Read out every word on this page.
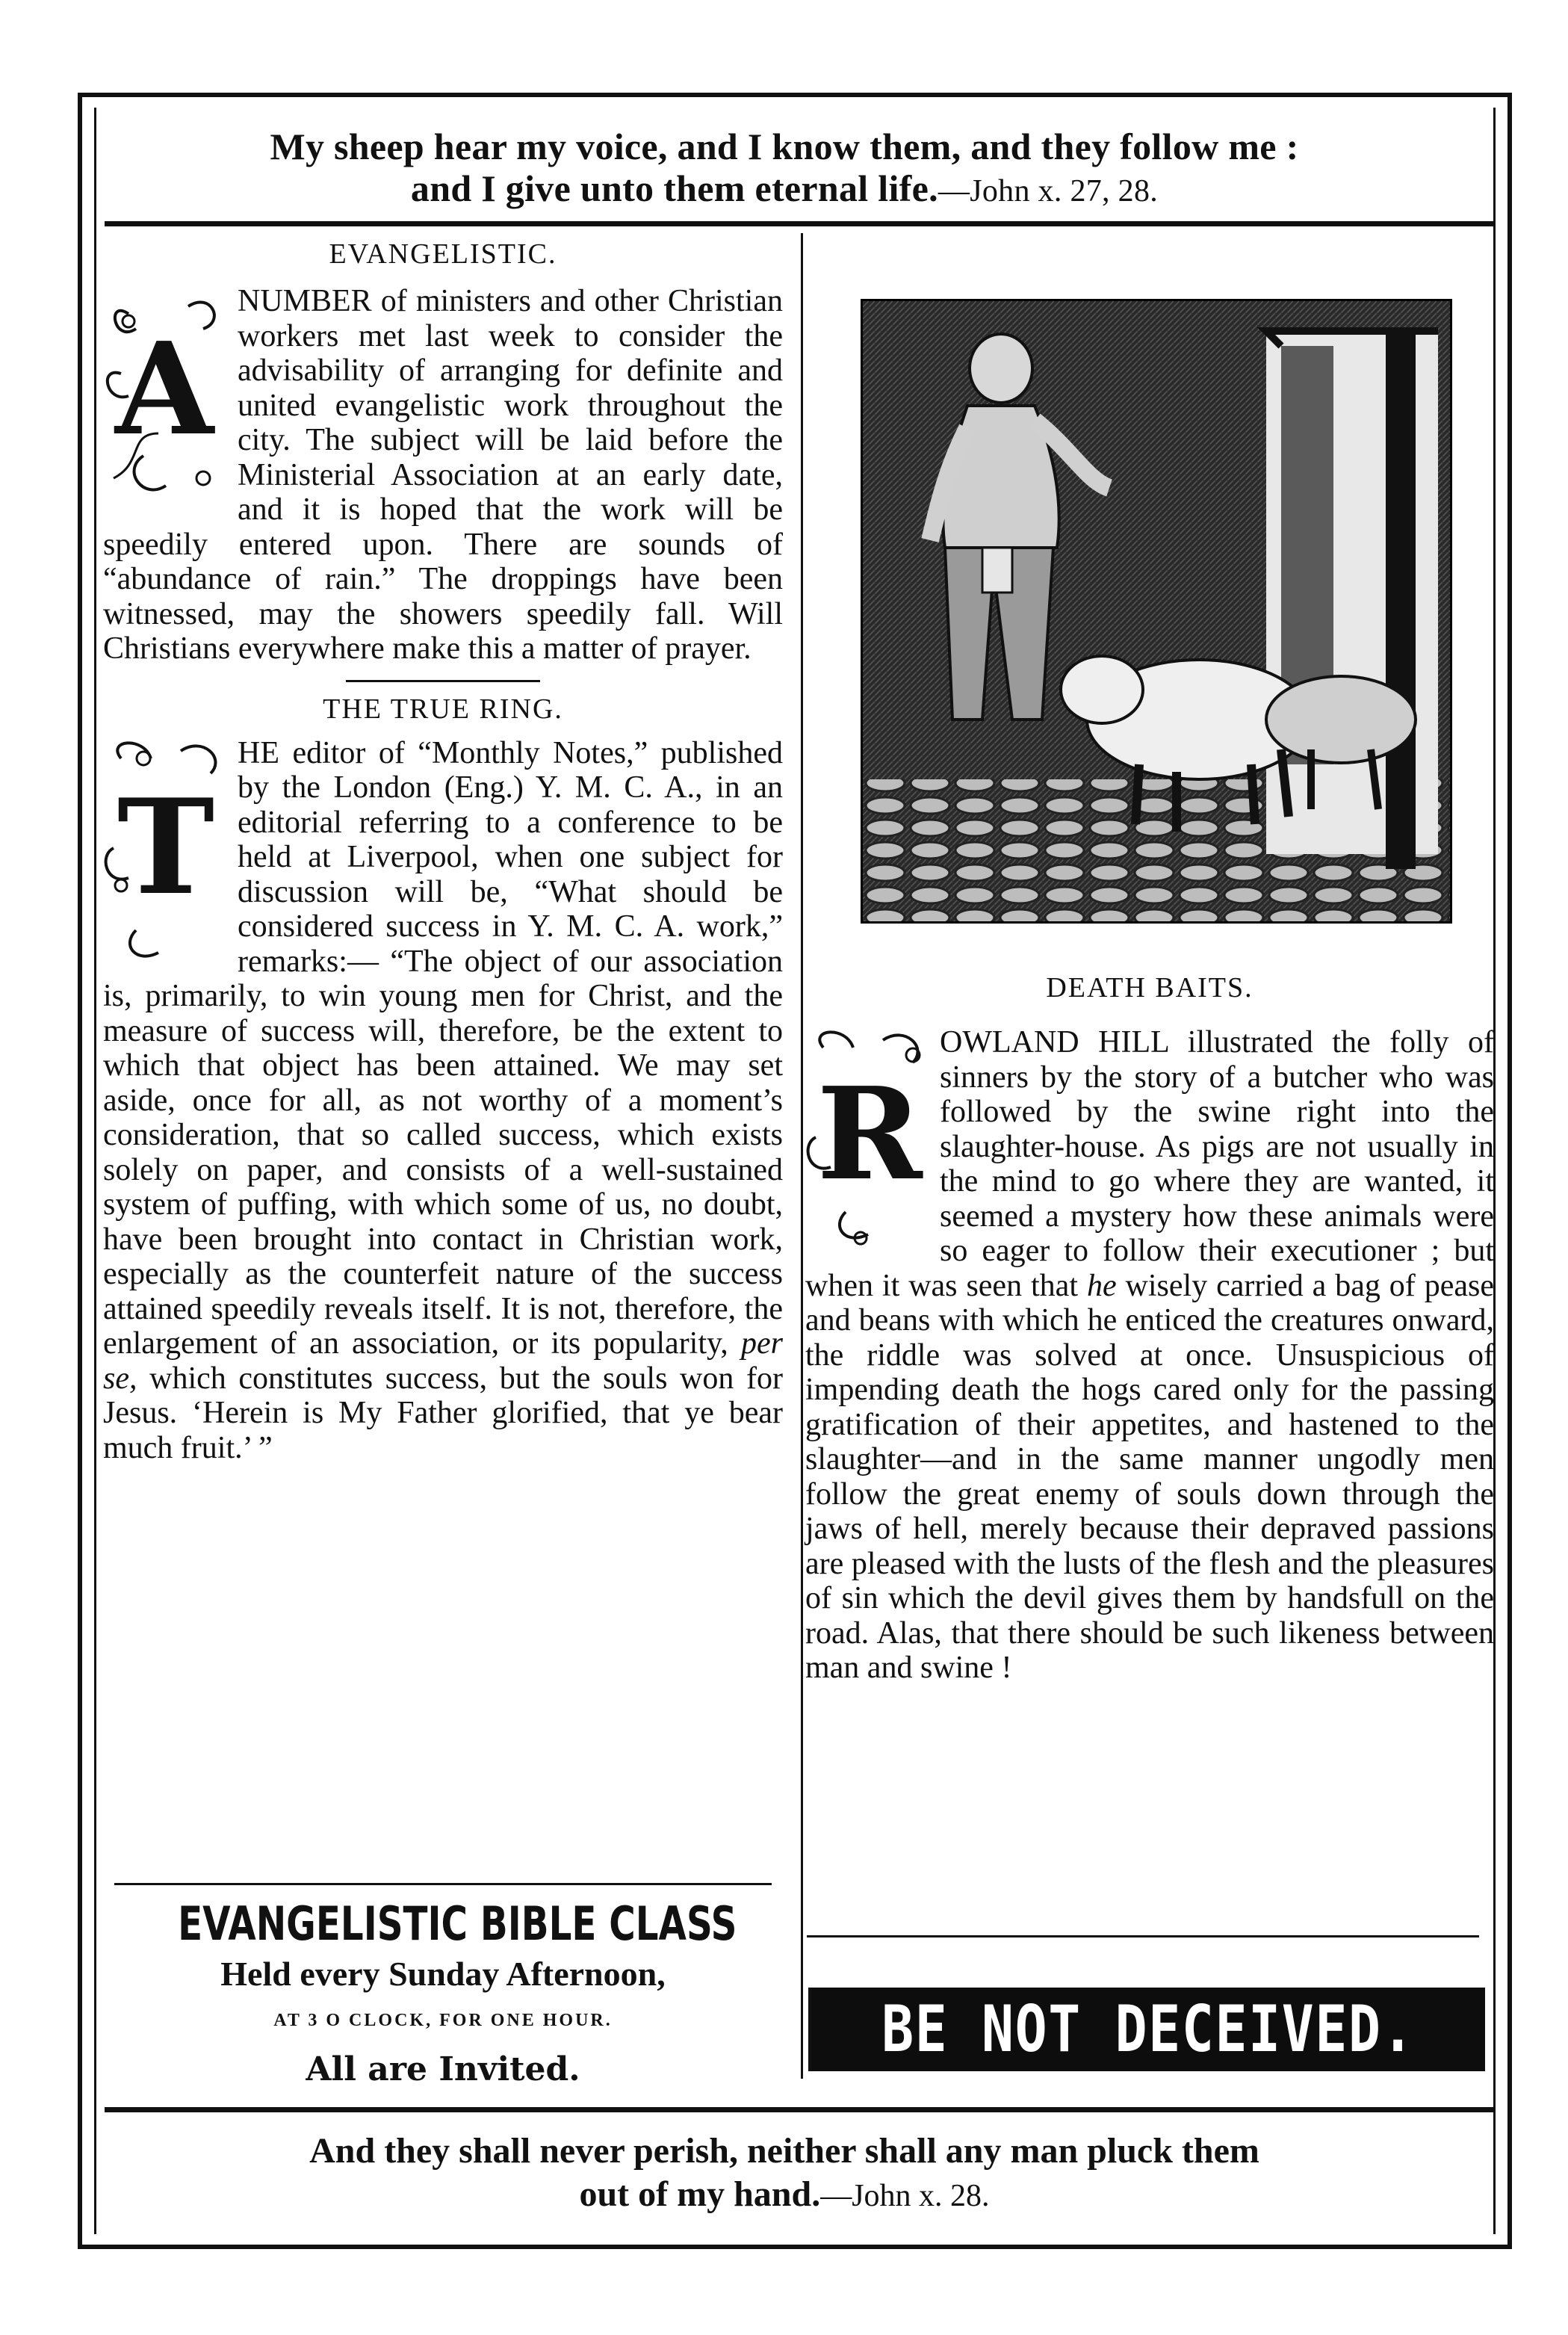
My sheep hear my voice, and I know them, and they follow me :
and I give unto them eternal life.—John x. 27, 28.
EVANGELISTIC.
A

NUMBER of ministers and other Christian workers met last week to consider the advisability of arranging for definite and united evangelistic work throughout the city. The subject will be laid before the Ministerial Association at an early date, and it is hoped that the work will be speedily entered upon. There are sounds of “abundance of rain.” The droppings have been witnessed, may the showers speedily fall. Will Christians everywhere make this a matter of prayer.

THE TRUE RING.
T

HE editor of “Monthly Notes,” published by the London (Eng.) Y. M. C. A., in an editorial referring to a conference to be held at Liverpool, when one subject for discussion will be, “What should be considered success in Y. M. C. A. work,” remarks:— “The object of our association is, primarily, to win young men for Christ, and the measure of success will, therefore, be the extent to which that object has been attained. We may set aside, once for all, as not worthy of a moment’s consideration, that so called success, which exists solely on paper, and consists of a well-sustained system of puffing, with which some of us, no doubt, have been brought into contact in Christian work, especially as the counterfeit nature of the success attained speedily reveals itself. It is not, therefore, the enlargement of an association, or its popularity, per se, which constitutes success, but the souls won for Jesus. ‘Herein is My Father glorified, that ye bear much fruit.’ ”

EVANGELISTIC BIBLE CLASS

Held every Sunday Afternoon,

AT 3 O CLOCK, FOR ONE HOUR.

All are Invited.

DEATH BAITS.
R

OWLAND HILL illustrated the folly of sinners by the story of a butcher who was followed by the swine right into the slaughter-house. As pigs are not usually in the mind to go where they are wanted, it seemed a mystery how these animals were so eager to follow their executioner ; but when it was seen that he wisely carried a bag of pease and beans with which he enticed the creatures onward, the riddle was solved at once. Unsuspicious of impending death the hogs cared only for the passing gratification of their appetites, and hastened to the slaughter—and in the same manner ungodly men follow the great enemy of souls down through the jaws of hell, merely because their depraved passions are pleased with the lusts of the flesh and the pleasures of sin which the devil gives them by handsfull on the road. Alas, that there should be such likeness between man and swine !

BE NOT DECEIVED.
And they shall never perish, neither shall any man pluck them
out of my hand.—John x. 28.
